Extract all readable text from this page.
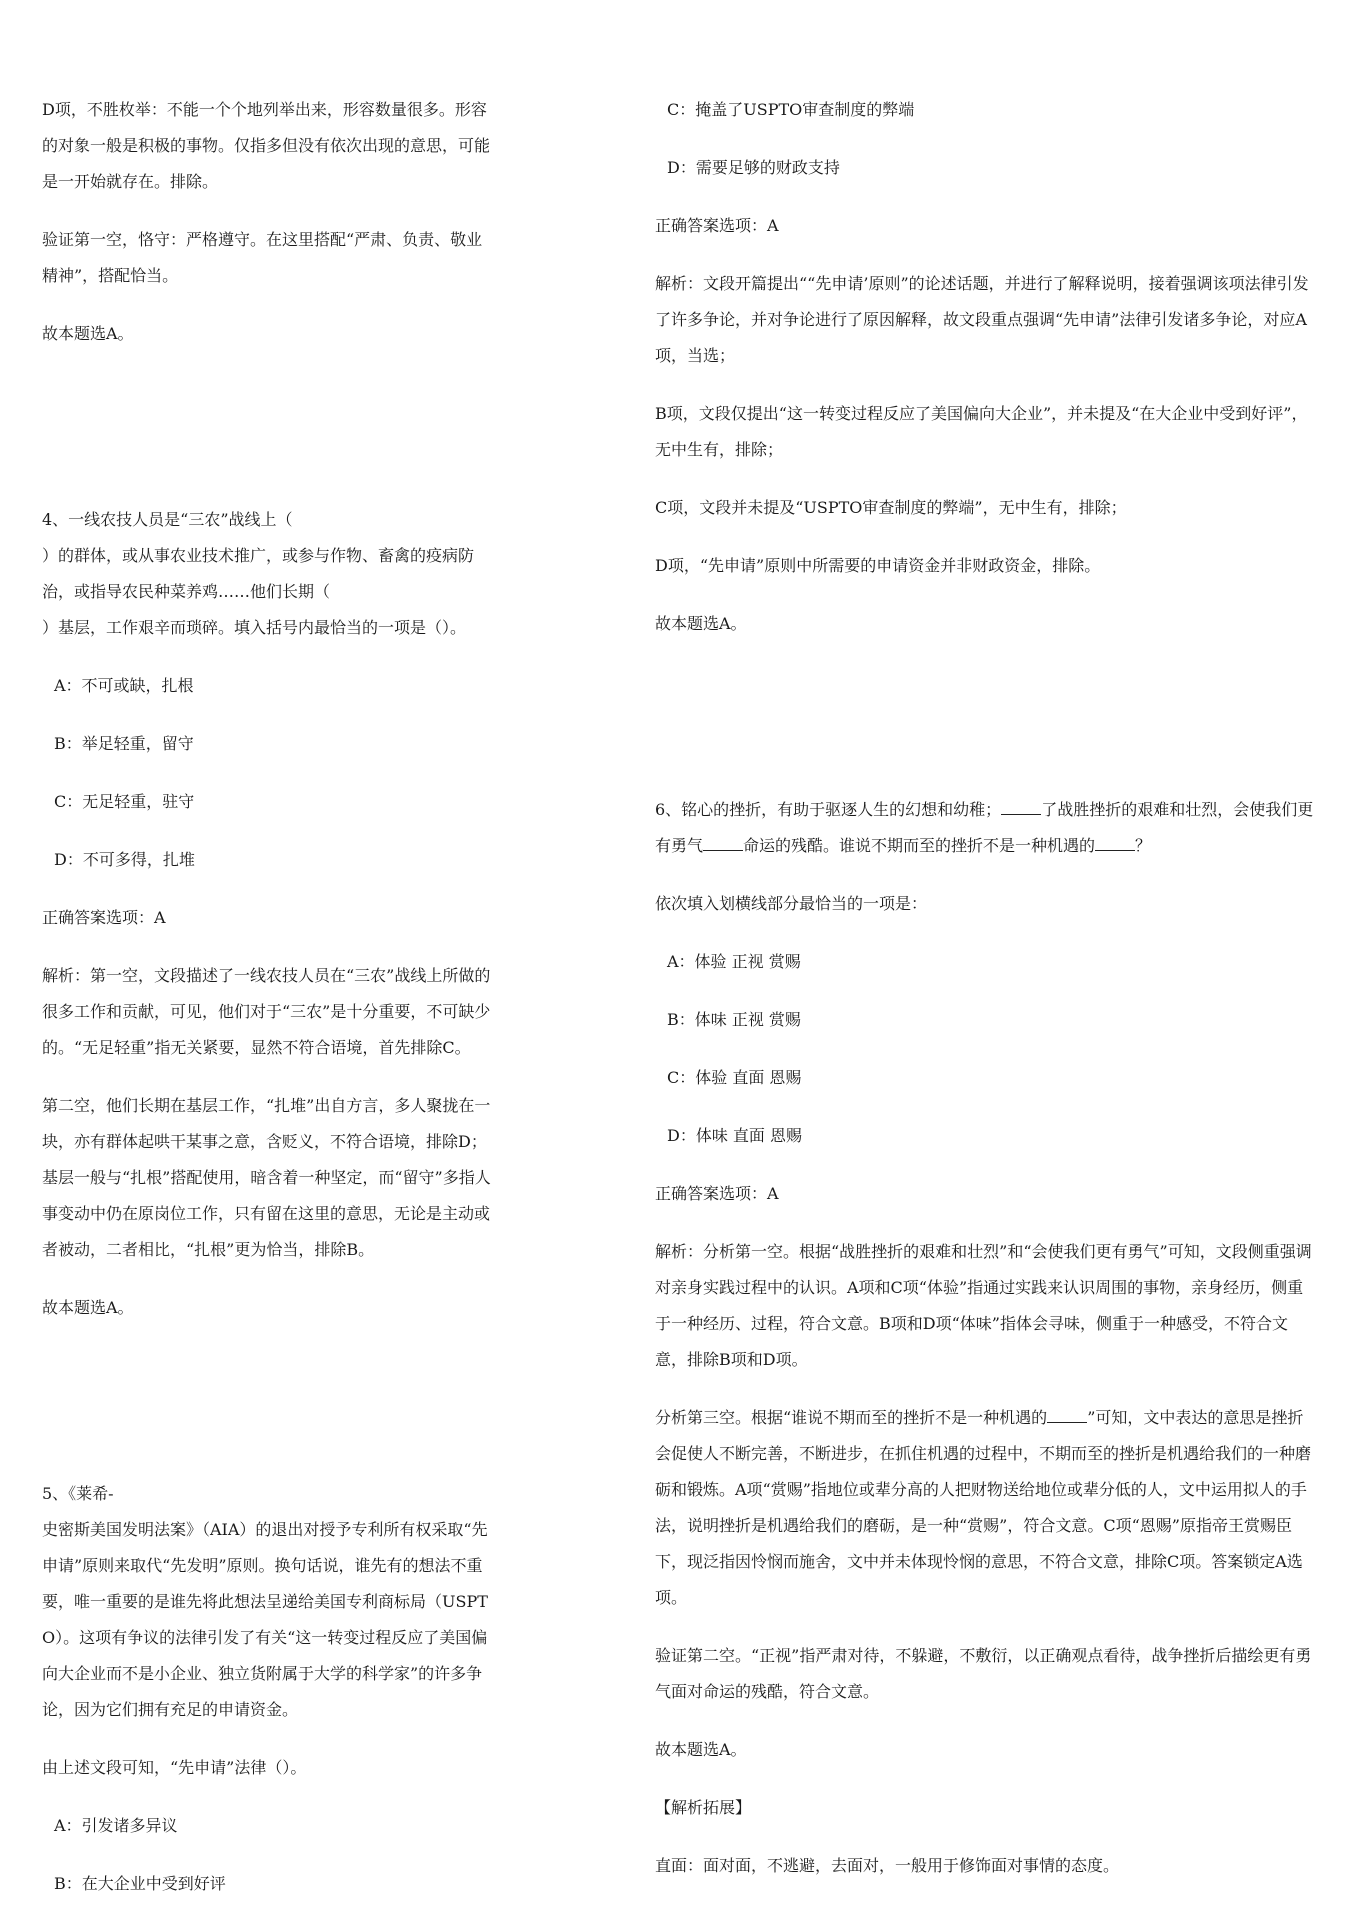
D项，不胜枚举：不能一个个地列举出来，形容数量很多。形容的对象一般是积极的事物。仅指多但没有依次出现的意思，可能是一开始就存在。排除。

验证第一空，恪守：严格遵守。在这里搭配“严肃、负责、敬业精神”，搭配恰当。

故本题选A。

4、一线农技人员是“三农”战线上（

）的群体，或从事农业技术推广，或参与作物、畜禽的疫病防治，或指导农民种菜养鸡……他们长期（

）基层，工作艰辛而琐碎。填入括号内最恰当的一项是（）。

A：不可或缺，扎根

B：举足轻重，留守

C：无足轻重，驻守

D：不可多得，扎堆

正确答案选项：A

解析：第一空，文段描述了一线农技人员在“三农”战线上所做的很多工作和贡献，可见，他们对于“三农”是十分重要，不可缺少的。“无足轻重”指无关紧要，显然不符合语境，首先排除C。

第二空，他们长期在基层工作，“扎堆”出自方言，多人聚拢在一块，亦有群体起哄干某事之意，含贬义，不符合语境，排除D；基层一般与“扎根”搭配使用，暗含着一种坚定，而“留守”多指人事变动中仍在原岗位工作，只有留在这里的意思，无论是主动或者被动，二者相比，“扎根”更为恰当，排除B。

故本题选A。

5、《莱希-

史密斯美国发明法案》（AIA）的退出对授予专利所有权采取“先申请”原则来取代“先发明”原则。换句话说，谁先有的想法不重要，唯一重要的是谁先将此想法呈递给美国专利商标局（USPTO）。这项有争议的法律引发了有关“这一转变过程反应了美国偏向大企业而不是小企业、独立货附属于大学的科学家”的许多争论，因为它们拥有充足的申请资金。

由上述文段可知，“先申请”法律（）。

A：引发诸多异议

B：在大企业中受到好评

C：掩盖了USPTO审查制度的弊端

D：需要足够的财政支持

正确答案选项：A

解析：文段开篇提出““先申请’原则”的论述话题，并进行了解释说明，接着强调该项法律引发了许多争论，并对争论进行了原因解释，故文段重点强调“先申请”法律引发诸多争论，对应A项，当选；

B项，文段仅提出“这一转变过程反应了美国偏向大企业”，并未提及“在大企业中受到好评”，无中生有，排除；

C项，文段并未提及“USPTO审查制度的弊端”，无中生有，排除；

D项，“先申请”原则中所需要的申请资金并非财政资金，排除。

故本题选A。

6、铭心的挫折，有助于驱逐人生的幻想和幼稚；	了战胜挫折的艰难和壮烈，会使我们更有勇气	命运的残酷。谁说不期而至的挫折不是一种机遇的	？

依次填入划横线部分最恰当的一项是：

A：体验 正视 赏赐

B：体味 正视 赏赐

C：体验 直面 恩赐

D：体味 直面 恩赐

正确答案选项：A

解析：分析第一空。根据“战胜挫折的艰难和壮烈”和“会使我们更有勇气”可知，文段侧重强调对亲身实践过程中的认识。A项和C项“体验”指通过实践来认识周围的事物，亲身经历，侧重于一种经历、过程，符合文意。B项和D项“体味”指体会寻味，侧重于一种感受，不符合文意，排除B项和D项。

分析第三空。根据“谁说不期而至的挫折不是一种机遇的	”可知，文中表达的意思是挫折会促使人不断完善，不断进步，在抓住机遇的过程中，不期而至的挫折是机遇给我们的一种磨砺和锻炼。A项“赏赐”指地位或辈分高的人把财物送给地位或辈分低的人，文中运用拟人的手法，说明挫折是机遇给我们的磨砺，是一种“赏赐”，符合文意。C项“恩赐”原指帝王赏赐臣下，现泛指因怜悯而施舍，文中并未体现怜悯的意思，不符合文意，排除C项。答案锁定A选项。

验证第二空。“正视”指严肃对待，不躲避，不敷衍，以正确观点看待，战争挫折后描绘更有勇气面对命运的残酷，符合文意。

故本题选A。

【解析拓展】

直面：面对面，不逃避，去面对，一般用于修饰面对事情的态度。
